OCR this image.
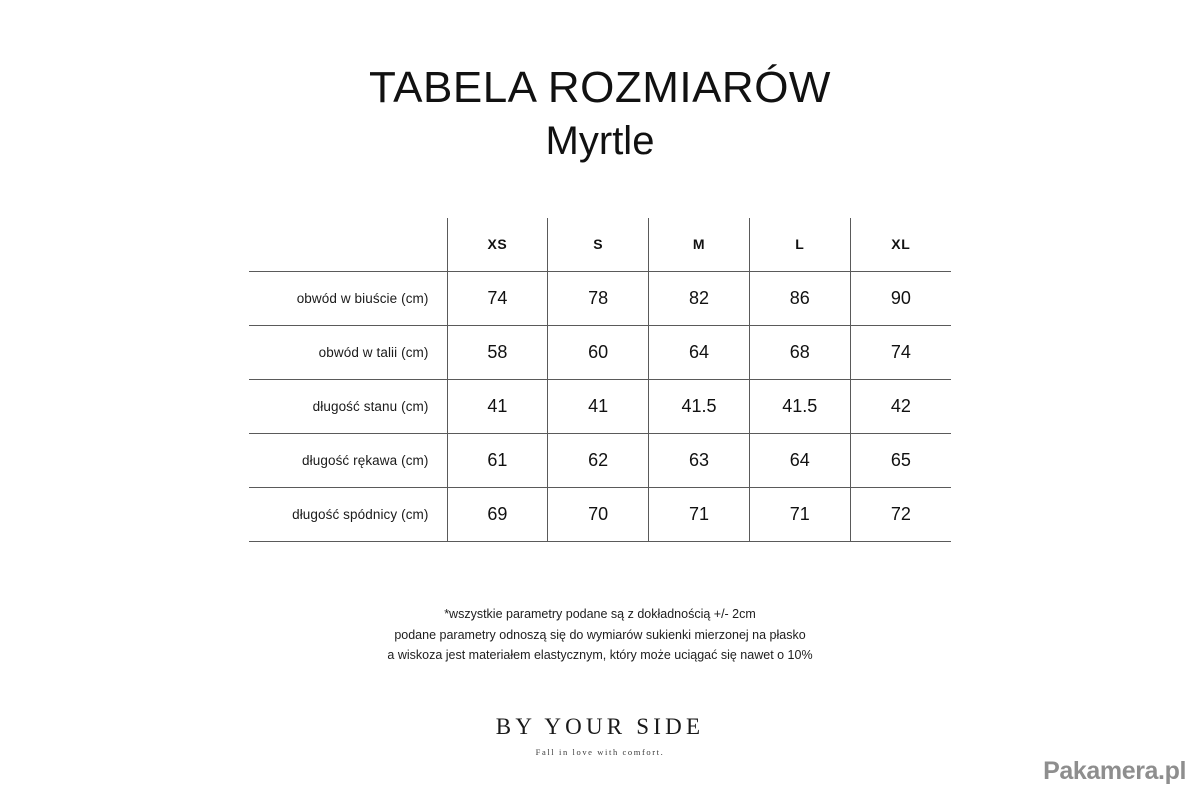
TABELA ROZMIARÓW
Myrtle
	XS	S	M	L	XL
obwód w biuście (cm)	74	78	82	86	90
obwód w talii (cm)	58	60	64	68	74
długość stanu (cm)	41	41	41.5	41.5	42
długość rękawa (cm)	61	62	63	64	65
długość spódnicy (cm)	69	70	71	71	72
*wszystkie parametry podane są z dokładnością +/- 2cm
podane parametry odnoszą się do wymiarów sukienki mierzonej na płasko
a wiskoza jest materiałem elastycznym, który może uciągać się nawet o 10%
BY YOUR SIDE
Fall in love with comfort.
Pakamera.pl
